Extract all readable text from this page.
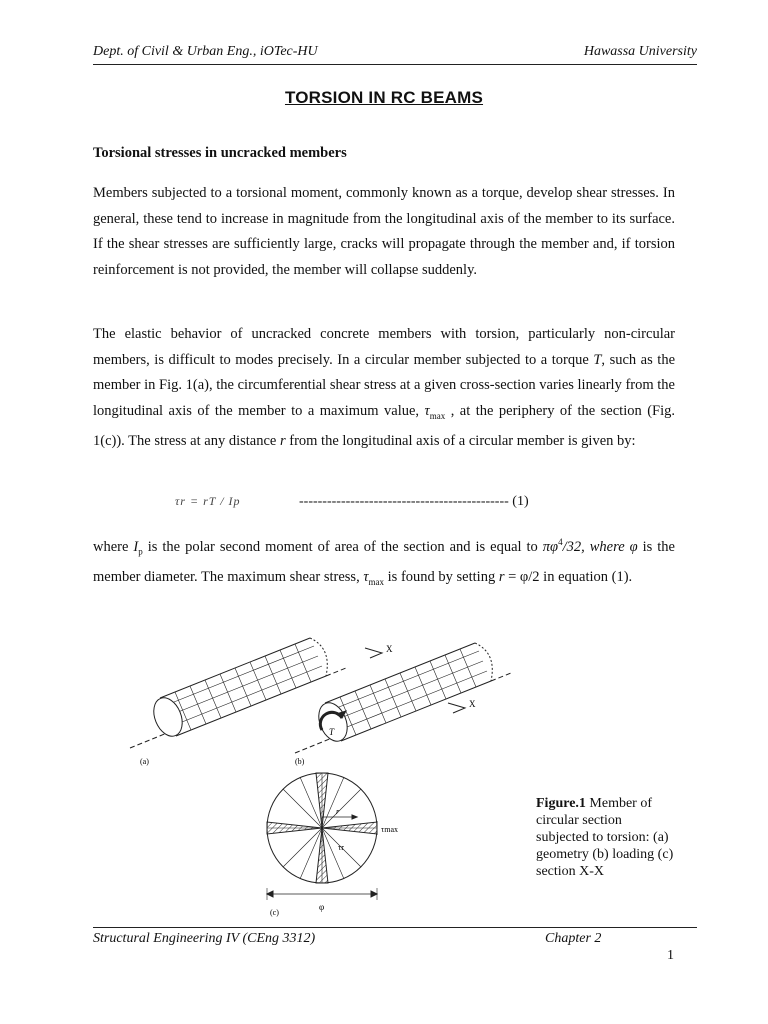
Dept. of Civil & Urban Eng., iOTec-HU	Hawassa University
TORSION IN RC BEAMS
Torsional stresses in uncracked members
Members subjected to a torsional moment, commonly known as a torque, develop shear stresses. In general, these tend to increase in magnitude from the longitudinal axis of the member to its surface. If the shear stresses are sufficiently large, cracks will propagate through the member and, if torsion reinforcement is not provided, the member will collapse suddenly.
The elastic behavior of uncracked concrete members with torsion, particularly non-circular members, is difficult to modes precisely. In a circular member subjected to a torque T, such as the member in Fig. 1(a), the circumferential shear stress at a given cross-section varies linearly from the longitudinal axis of the member to a maximum value, $\tau_{max}$ , at the periphery of the section (Fig. 1(c)). The stress at any distance r from the longitudinal axis of a circular member is given by:
τr = rT / Ip	--------------------------------------------- (1)
where $I_p$ is the polar second moment of area of the section and is equal to $\pi\varphi^4/32$, where φ is the member diameter. The maximum shear stress, $\tau_{max}$ is found by setting r = φ/2 in equation (1).
(a)
X
X
T
(b)
r
τmax
τr
φ
(c)
Figure.1 Member of circular section subjected to torsion: (a) geometry (b) loading (c) section X-X
Structural Engineering IV (CEng 3312)	Chapter 2
1
